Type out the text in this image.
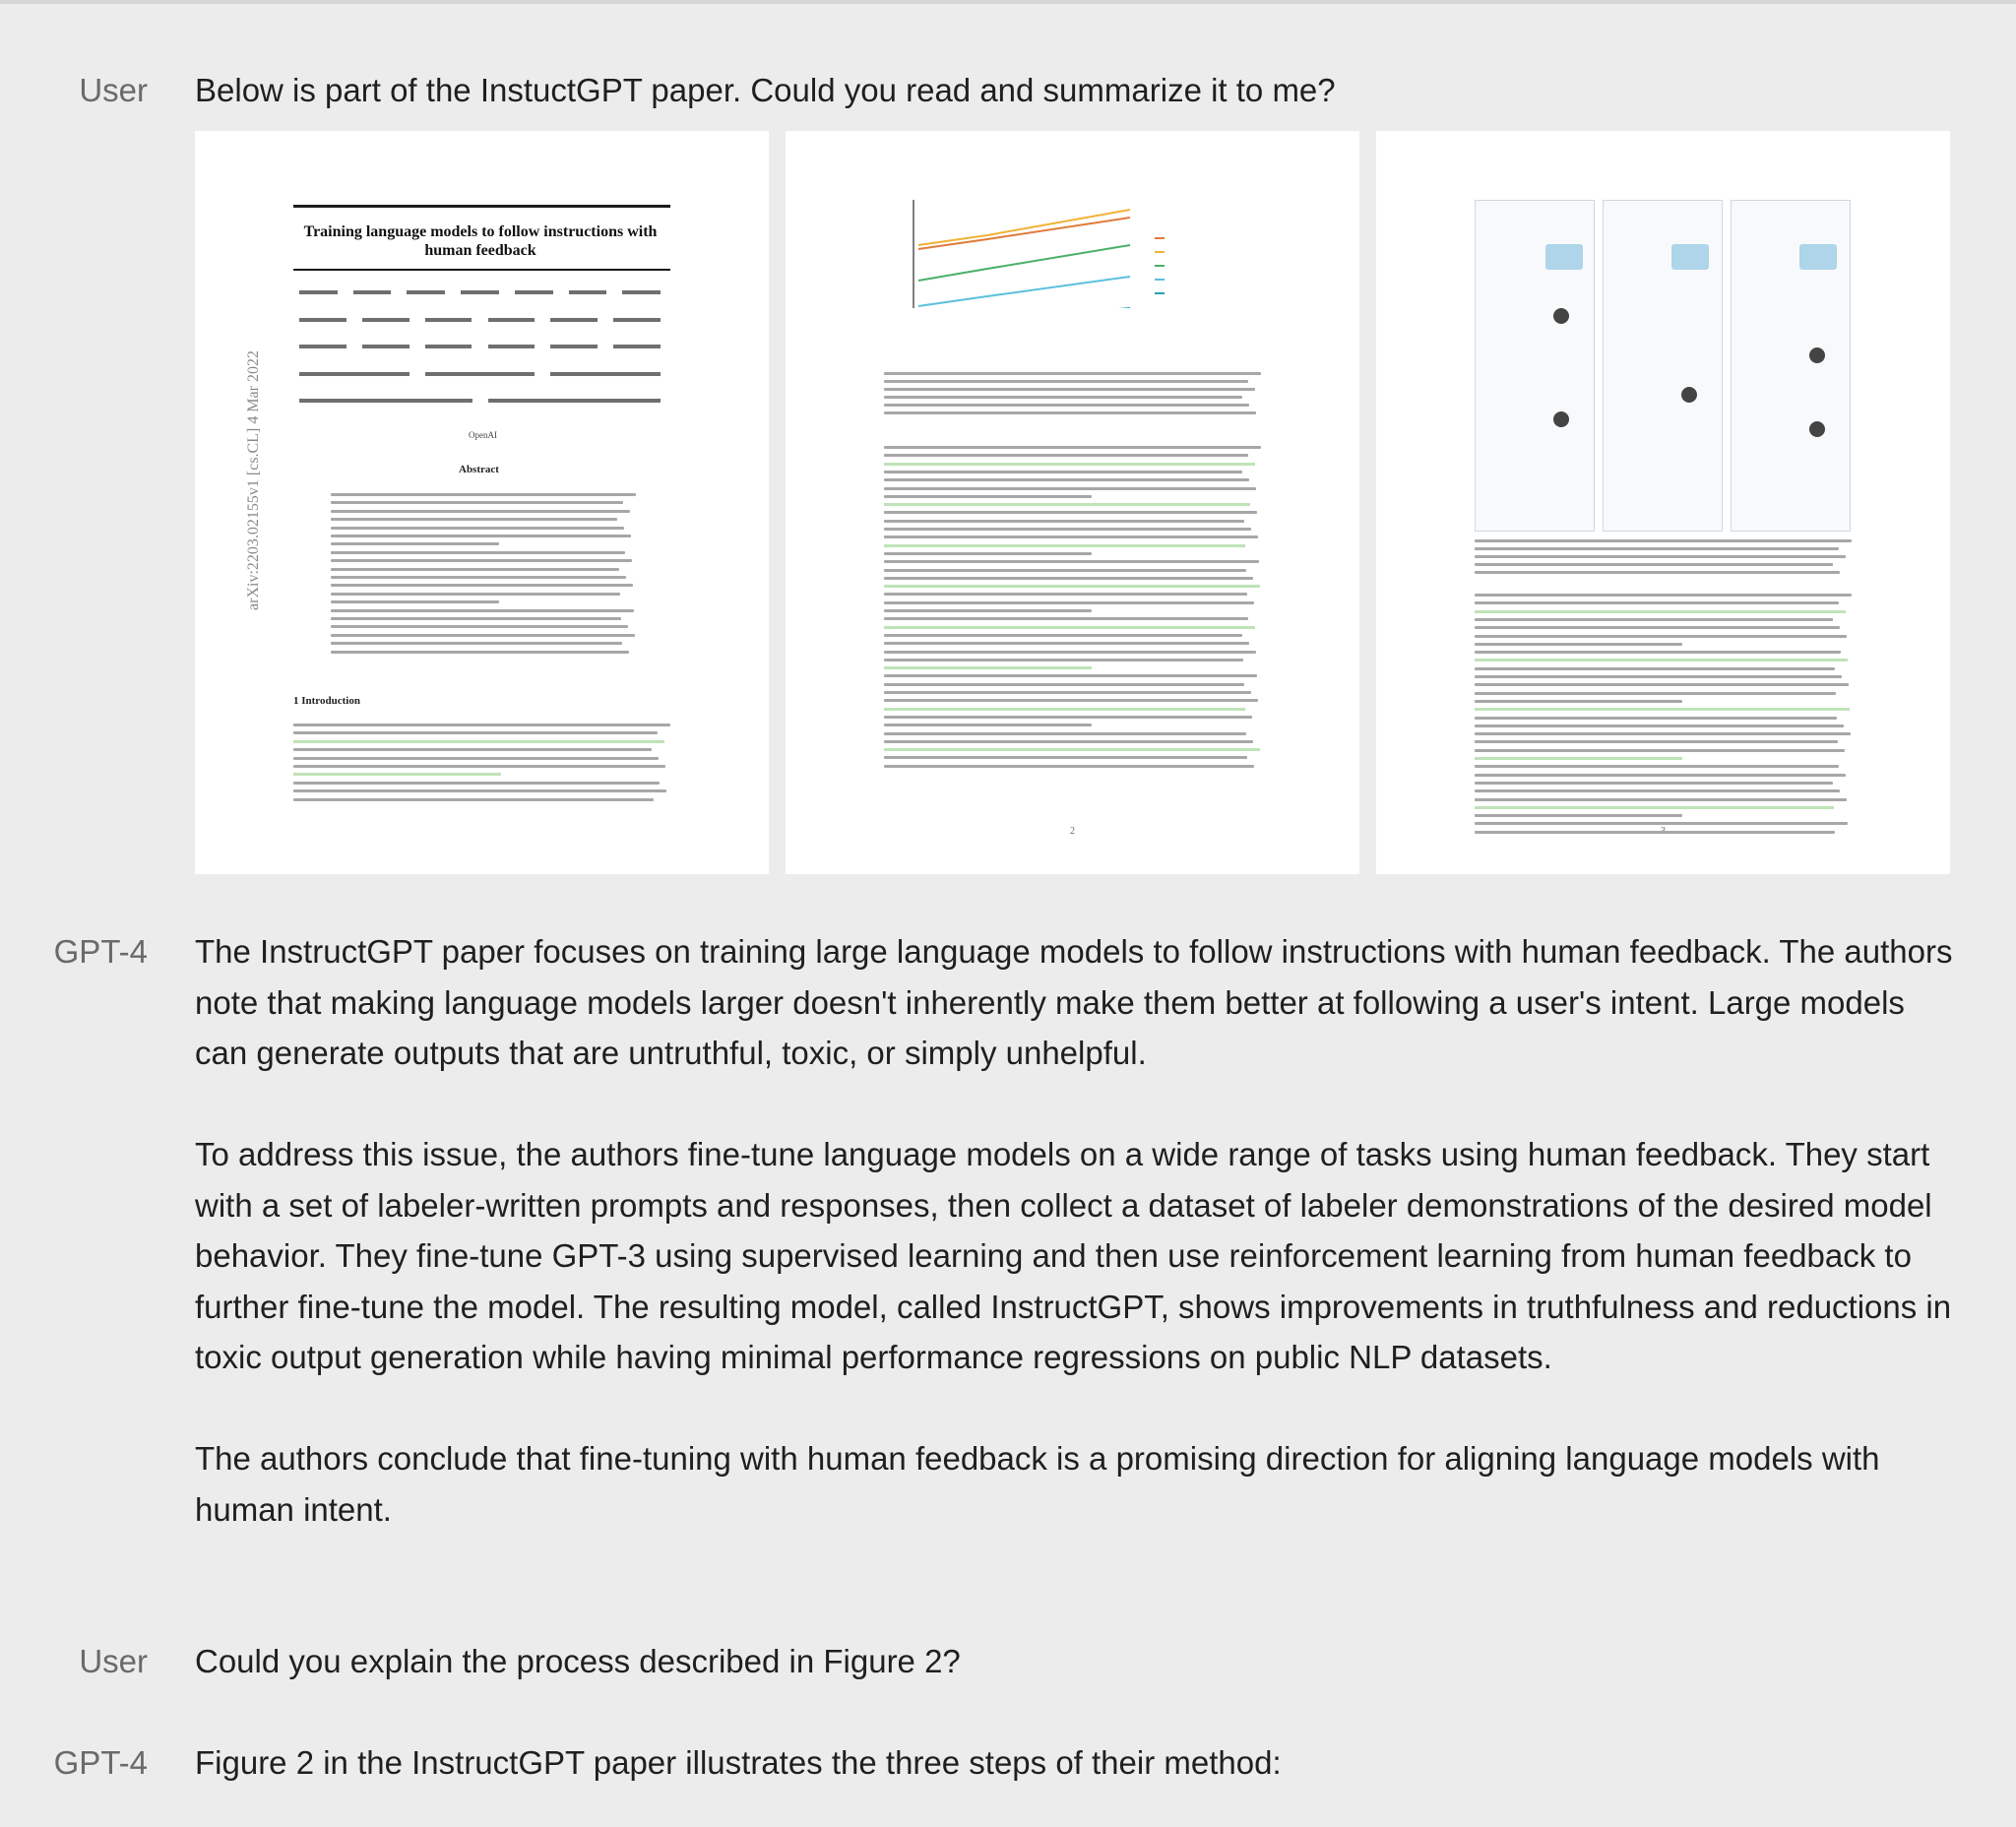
User Below is part of the InstuctGPT paper. Could you read and summarize it to me?

Training language models to follow instructions with human feedback
arXiv:2203.02155v1 [cs.CL] 4 Mar 2022	OpenAI
Abstract
1 Introduction
2
GPT-4 The InstructGPT paper focuses on training large language models to follow instructions with human feedback. The authors note that making language models larger doesn't inherently make them better at following a user's intent. Large models can generate outputs that are untruthful, toxic, or simply unhelpful.

To address this issue, the authors fine-tune language models on a wide range of tasks using human feedback. They start with a set of labeler-written prompts and responses, then collect a dataset of labeler demonstrations of the desired model behavior. They fine-tune GPT-3 using supervised learning and then use reinforcement learning from human feedback to further fine-tune the model. The resulting model, called InstructGPT, shows improvements in truthfulness and reductions in toxic output generation while having minimal performance regressions on public NLP datasets.

The authors conclude that fine-tuning with human feedback is a promising direction for aligning language models with human intent.

User Could you explain the process described in Figure 2?

GPT-4 Figure 2 in the InstructGPT paper illustrates the three steps of their method:
